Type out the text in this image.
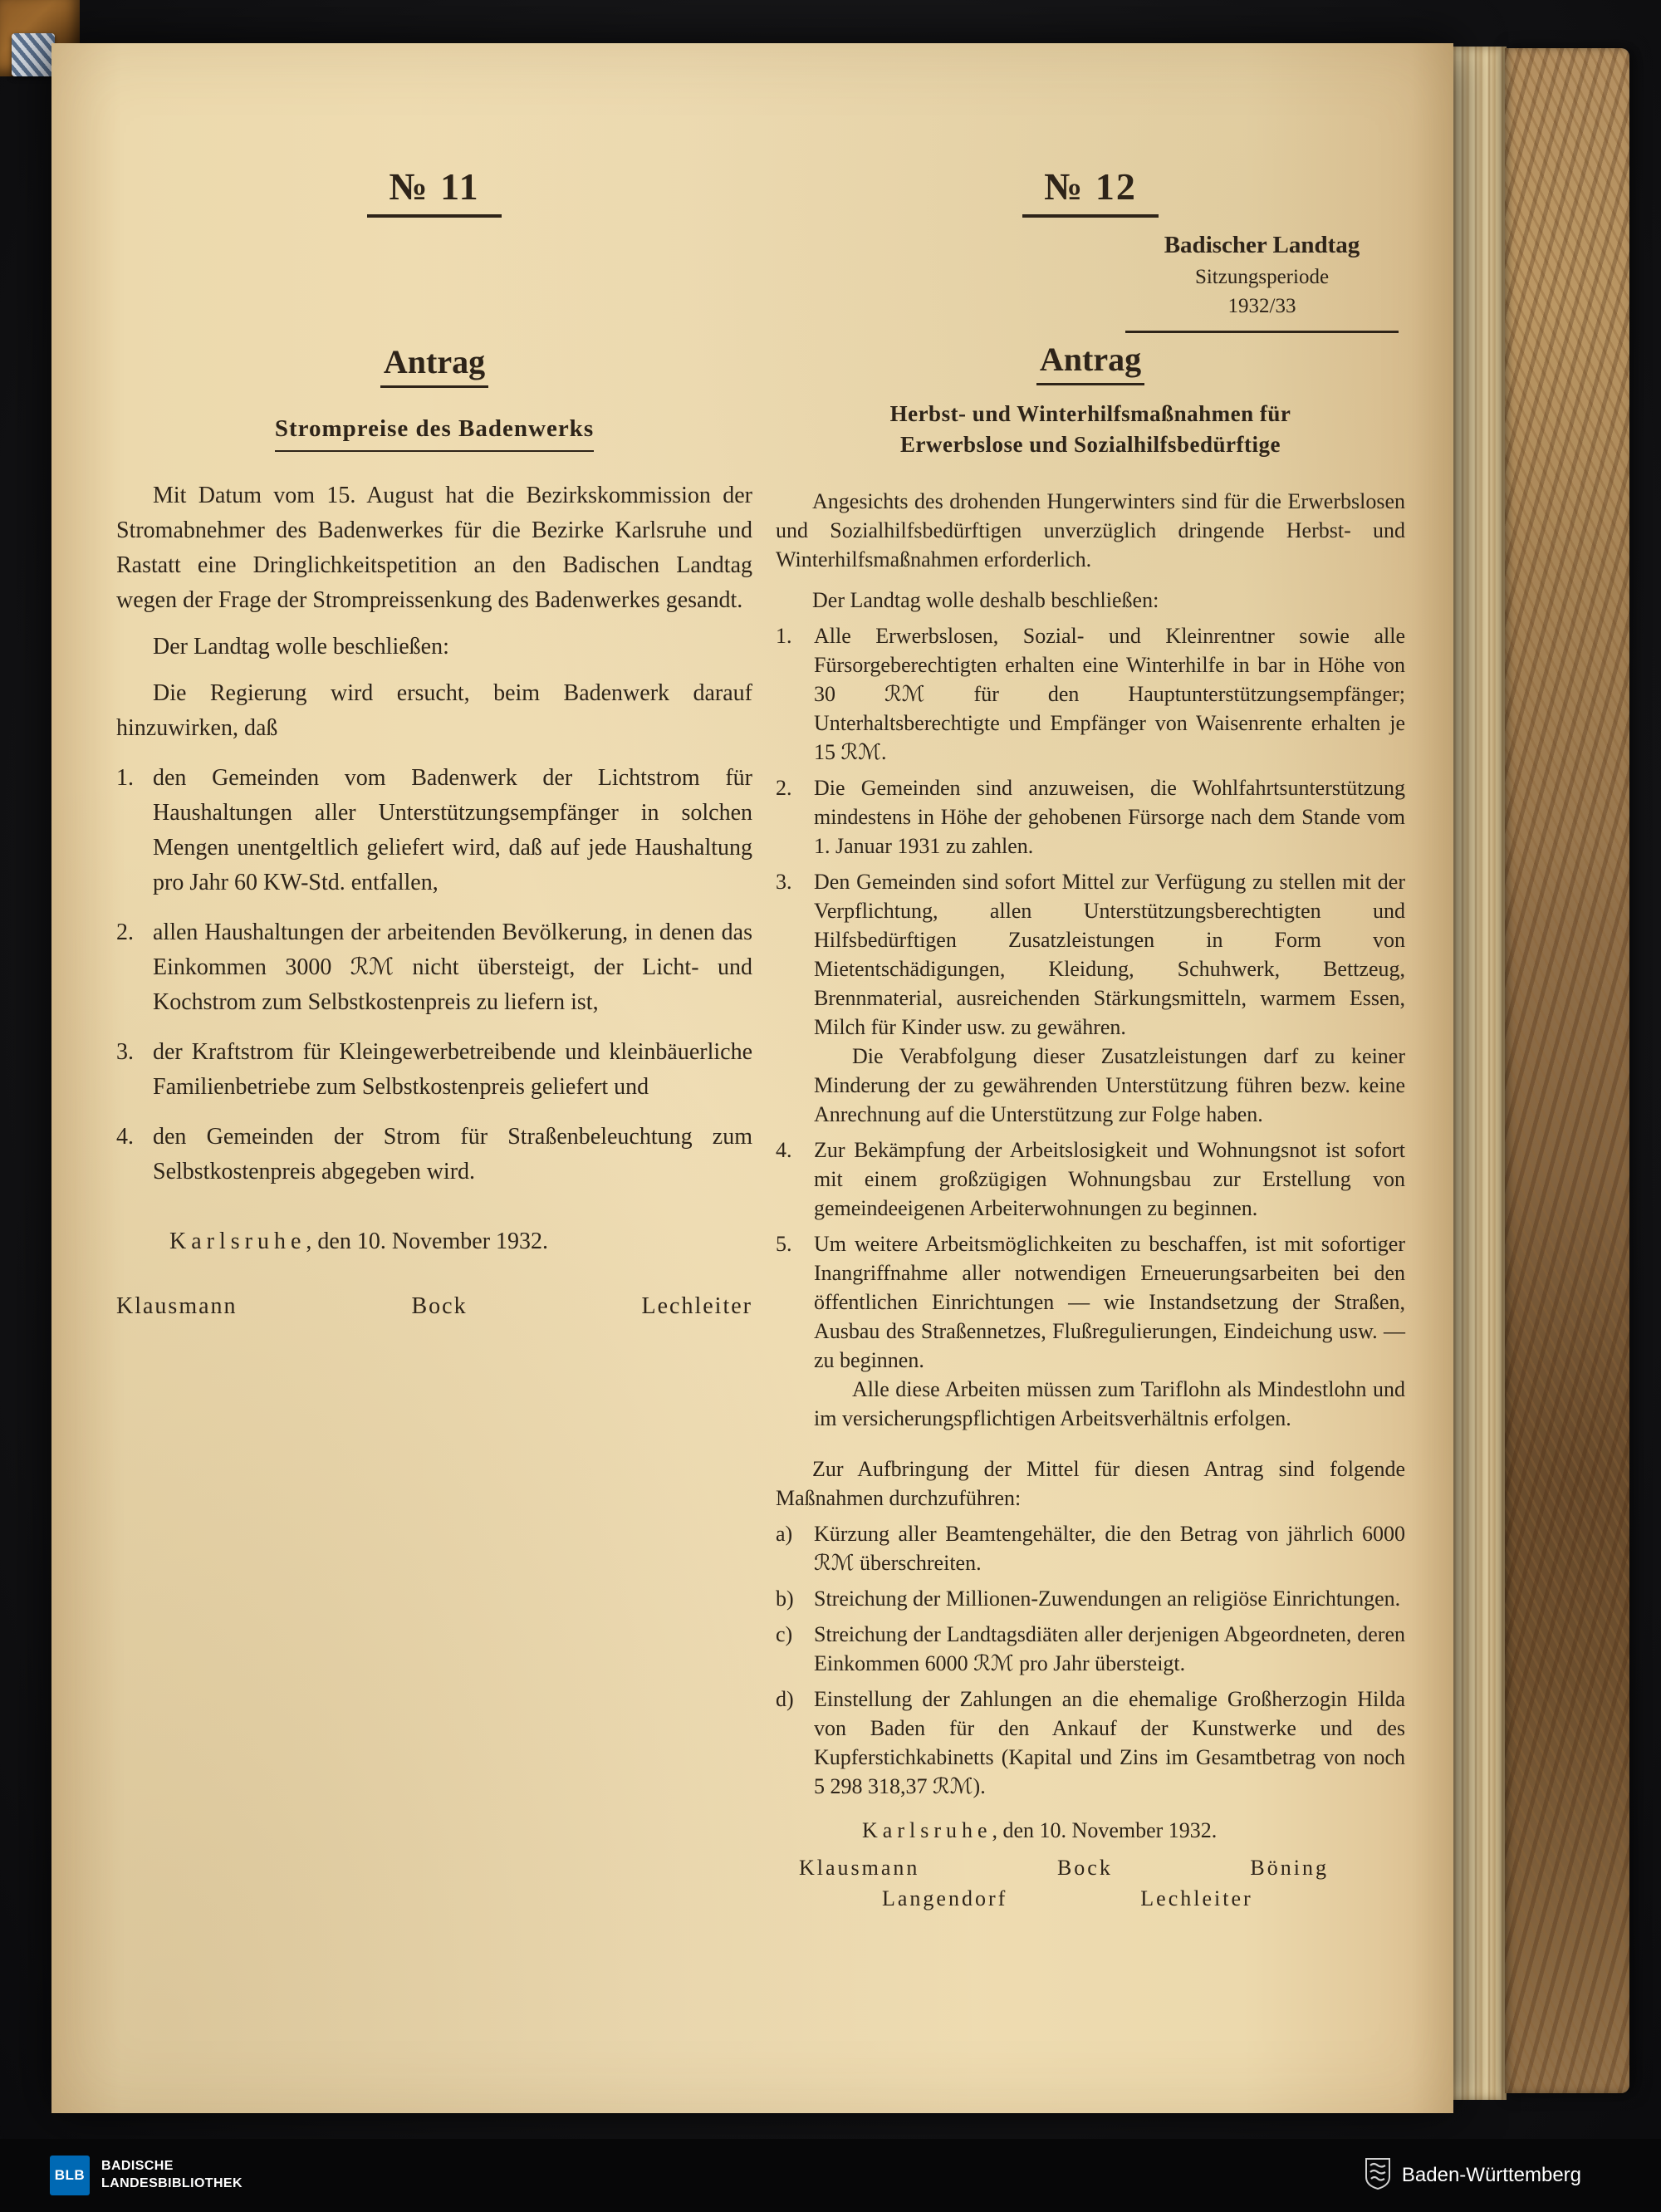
№ 11
Antrag
Strompreise des Badenwerks

Mit Datum vom 15. August hat die Bezirkskommission der Stromabnehmer des Badenwerkes für die Bezirke Karlsruhe und Rastatt eine Dringlichkeitspetition an den Badischen Landtag wegen der Frage der Strompreissenkung des Badenwerkes gesandt.

Der Landtag wolle beschließen:

Die Regierung wird ersucht, beim Badenwerk darauf hinzuwirken, daß

1. den Gemeinden vom Badenwerk der Lichtstrom für Haushaltungen aller Unterstützungsempfänger in solchen Mengen unentgeltlich geliefert wird, daß auf jede Haushaltung pro Jahr 60 KW-Std. entfallen,
2. allen Haushaltungen der arbeitenden Bevölkerung, in denen das Einkommen 3000 ℛℳ nicht übersteigt, der Licht- und Kochstrom zum Selbstkostenpreis zu liefern ist,
3. der Kraftstrom für Kleingewerbetreibende und kleinbäuerliche Familienbetriebe zum Selbstkostenpreis geliefert und
4. den Gemeinden der Strom für Straßenbeleuchtung zum Selbstkostenpreis abgegeben wird.

Karlsruhe, den 10. November 1932.

Klausmann	Bock	Lechleiter
№ 12
Badischer Landtag
Sitzungsperiode
1932/33
Antrag
Herbst- und Winterhilfsmaßnahmen für
Erwerbslose und Sozialhilfsbedürftige

Angesichts des drohenden Hungerwinters sind für die Erwerbslosen und Sozialhilfsbedürftigen unverzüglich dringende Herbst- und Winterhilfsmaßnahmen erforderlich.

Der Landtag wolle deshalb beschließen:

1.	Alle Erwerbslosen, Sozial- und Kleinrentner sowie alle Fürsorgeberechtigten erhalten eine Winterhilfe in bar in Höhe von 30 ℛℳ für den Hauptunterstützungsempfänger; Unterhaltsberechtigte und Empfänger von Waisenrente erhalten je 15 ℛℳ.
2.	Die Gemeinden sind anzuweisen, die Wohlfahrtsunterstützung mindestens in Höhe der gehobenen Fürsorge nach dem Stande vom 1. Januar 1931 zu zahlen.
3.	Den Gemeinden sind sofort Mittel zur Verfügung zu stellen mit der Verpflichtung, allen Unterstützungsberechtigten und Hilfsbedürftigen Zusatzleistungen in Form von Mietentschädigungen, Kleidung, Schuhwerk, Bettzeug, Brennmaterial, ausreichenden Stärkungsmitteln, warmem Essen, Milch für Kinder usw. zu gewähren.

Die Verabfolgung dieser Zusatzleistungen darf zu keiner Minderung der zu gewährenden Unterstützung führen bezw. keine Anrechnung auf die Unterstützung zur Folge haben.

4.	Zur Bekämpfung der Arbeitslosigkeit und Wohnungsnot ist sofort mit einem großzügigen Wohnungsbau zur Erstellung von gemeindeeigenen Arbeiterwohnungen zu beginnen.
5.	Um weitere Arbeitsmöglichkeiten zu beschaffen, ist mit sofortiger Inangriffnahme aller notwendigen Erneuerungsarbeiten bei den öffentlichen Einrichtungen — wie Instandsetzung der Straßen, Ausbau des Straßennetzes, Flußregulierungen, Eindeichung usw. — zu beginnen.

Alle diese Arbeiten müssen zum Tariflohn als Mindestlohn und im versicherungspflichtigen Arbeitsverhältnis erfolgen.

Zur Aufbringung der Mittel für diesen Antrag sind folgende Maßnahmen durchzuführen:

a) Kürzung aller Beamtengehälter, die den Betrag von jährlich 6000 ℛℳ überschreiten.
b) Streichung der Millionen-Zuwendungen an religiöse Einrichtungen.
c) Streichung der Landtagsdiäten aller derjenigen Abgeordneten, deren Einkommen 6000 ℛℳ pro Jahr übersteigt.
d) Einstellung der Zahlungen an die ehemalige Großherzogin Hilda von Baden für den Ankauf der Kunstwerke und des Kupferstichkabinetts (Kapital und Zins im Gesamtbetrag von noch 5 298 318,37 ℛℳ).

Karlsruhe, den 10. November 1932.

Klausmann	Bock	Böning
Langendorf	Lechleiter
BLB
BADISCHE
LANDESBIBLIOTHEK	Baden-Württemberg
